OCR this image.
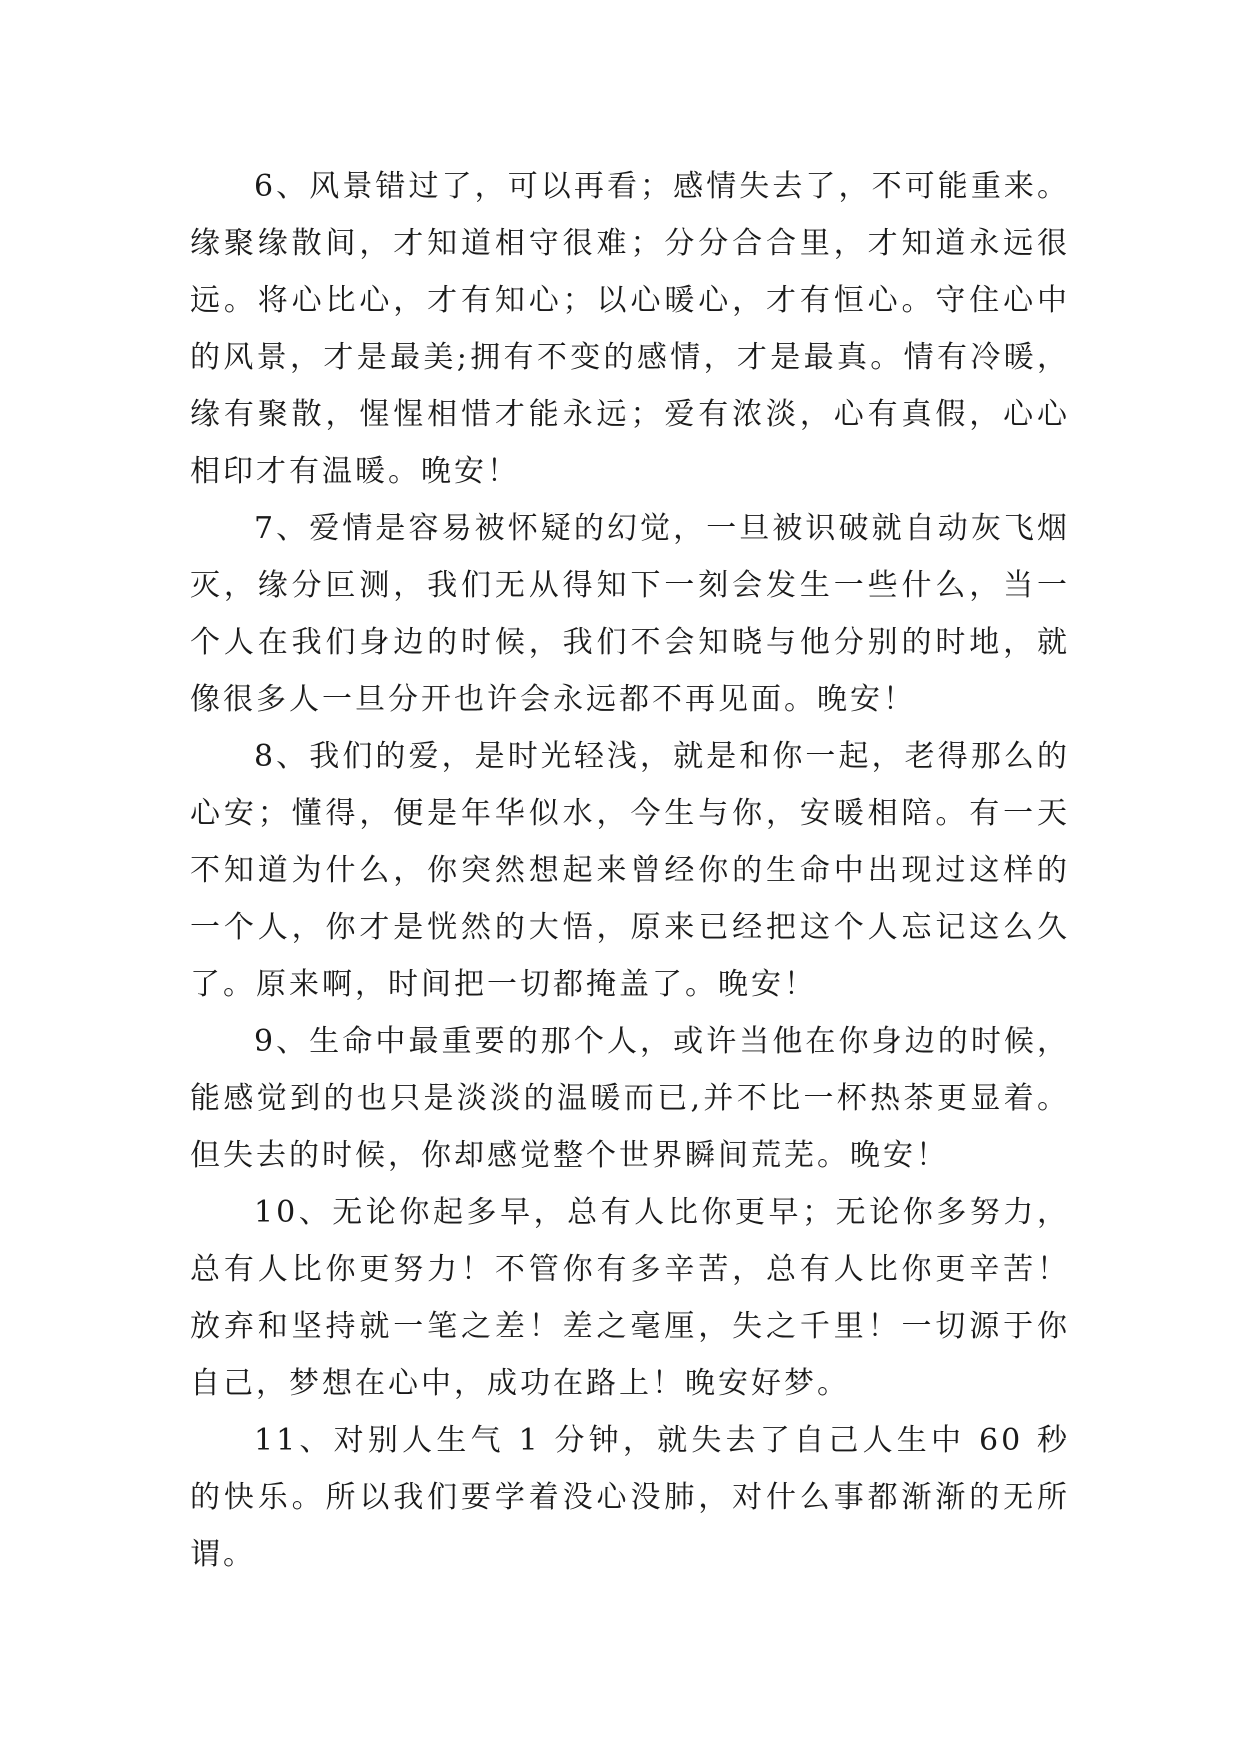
6、风景错过了，可以再看；感情失去了，不可能重来。缘聚缘散间，才知道相守很难；分分合合里，才知道永远很远。将心比心，才有知心；以心暖心，才有恒心。守住心中的风景，才是最美;拥有不变的感情，才是最真。情有冷暖，缘有聚散，惺惺相惜才能永远；爱有浓淡，心有真假，心心相印才有温暖。晚安！

7、爱情是容易被怀疑的幻觉，一旦被识破就自动灰飞烟灭，缘分叵测，我们无从得知下一刻会发生一些什么，当一个人在我们身边的时候，我们不会知晓与他分别的时地，就像很多人一旦分开也许会永远都不再见面。晚安！

8、我们的爱，是时光轻浅，就是和你一起，老得那么的心安；懂得，便是年华似水，今生与你，安暖相陪。有一天不知道为什么，你突然想起来曾经你的生命中出现过这样的一个人，你才是恍然的大悟，原来已经把这个人忘记这么久了。原来啊，时间把一切都掩盖了。晚安！

9、生命中最重要的那个人，或许当他在你身边的时候，能感觉到的也只是淡淡的温暖而已,并不比一杯热茶更显着。但失去的时候，你却感觉整个世界瞬间荒芜。晚安！

10、无论你起多早，总有人比你更早；无论你多努力，总有人比你更努力！不管你有多辛苦，总有人比你更辛苦！放弃和坚持就一笔之差！差之毫厘，失之千里！一切源于你自己，梦想在心中，成功在路上！晚安好梦。

11、对别人生气 1 分钟，就失去了自己人生中 60 秒的快乐。所以我们要学着没心没肺，对什么事都渐渐的无所谓。
